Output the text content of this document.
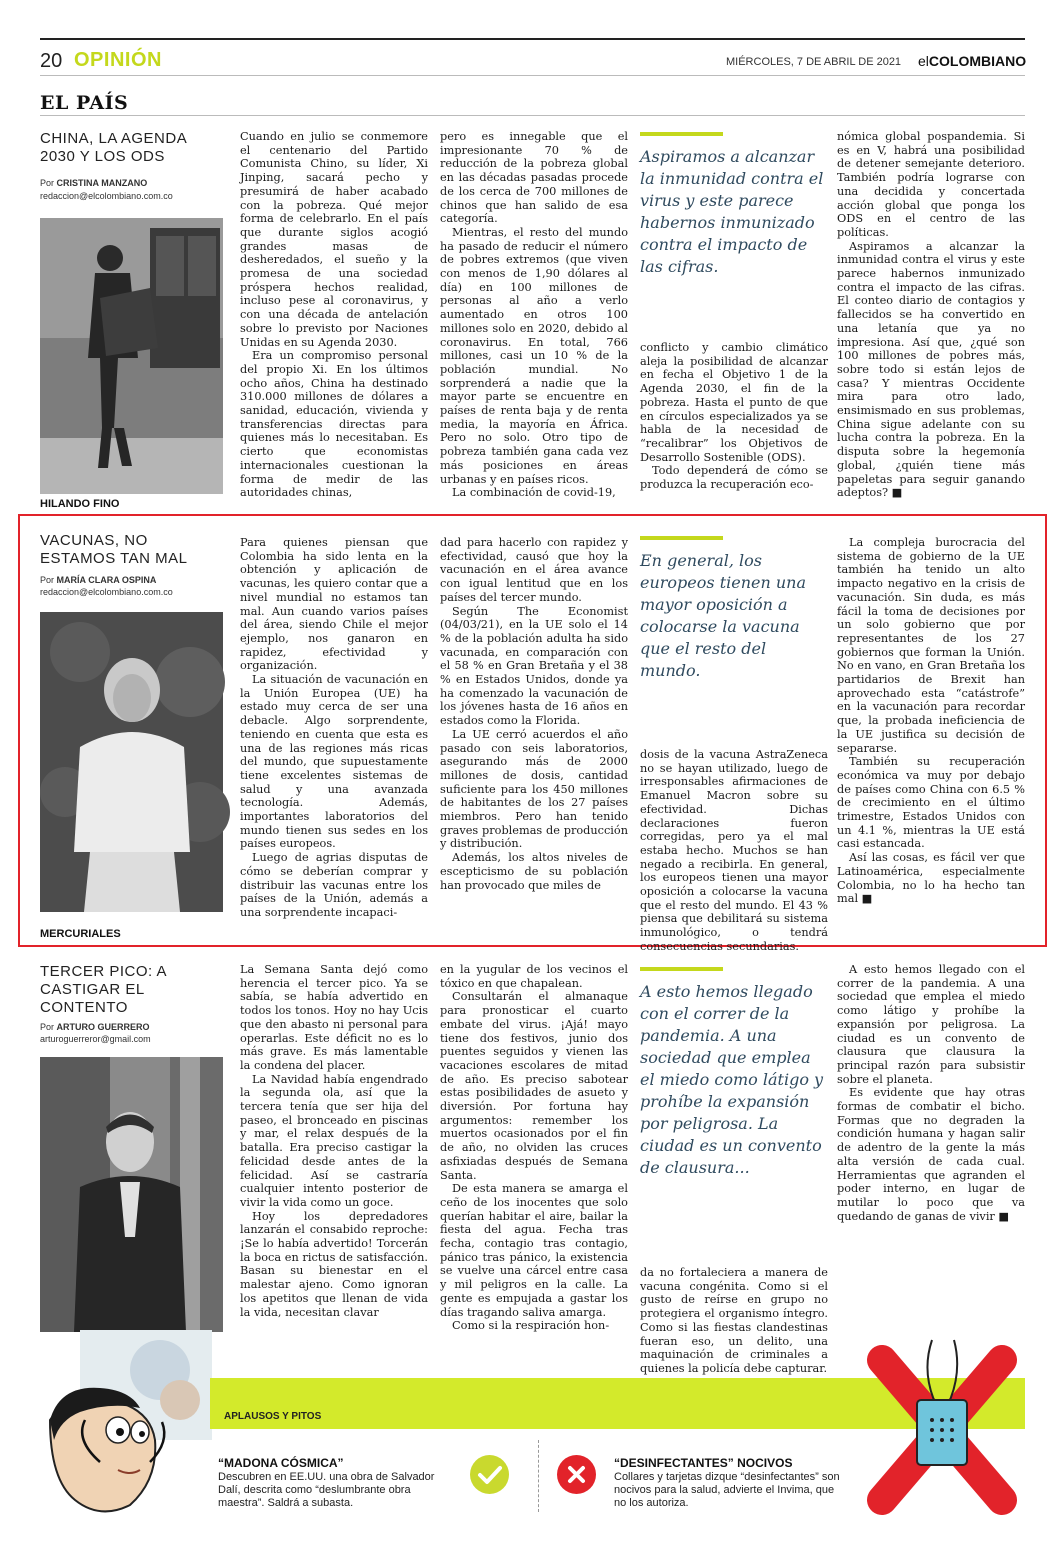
20 OPINIÓN	MIÉRCOLES, 7 DE ABRIL DE 2021 elCOLOMBIANO
EL PAÍS
CHINA, LA AGENDA 2030 Y LOS ODS
Por CRISTINA MANZANO
redaccion@elcolombiano.com.co
HILANDO FINO

Cuando en julio se conmemore el centenario del Partido Comunista Chino, su líder, Xi Jinping, sacará pecho y presumirá de haber acabado con la pobreza. Qué mejor forma de celebrarlo. En el país que durante siglos acogió grandes masas de desheredados, el sueño y la promesa de una sociedad próspera hechos realidad, incluso pese al coronavirus, y con una década de antelación sobre lo previsto por Naciones Unidas en su Agenda 2030.

Era un compromiso personal del propio Xi. En los últimos ocho años, China ha destinado 310.000 millones de dólares a sanidad, educación, vivienda y transferencias directas para quienes más lo necesitaban. Es cierto que economistas internacionales cuestionan la forma de medir de las autoridades chinas,

pero es innegable que el impresionante 70 % de reducción de la pobreza global en las décadas pasadas procede de los cerca de 700 millones de chinos que han salido de esa categoría.

Mientras, el resto del mundo ha pasado de reducir el número de pobres extremos (que viven con menos de 1,90 dólares al día) en 100 millones de personas al año a verlo aumentado en otros 100 millones solo en 2020, debido al coronavirus. En total, 766 millones, casi un 10 % de la población mundial. No sorprenderá a nadie que la mayor parte se encuentre en países de renta baja y de renta media, la mayoría en África. Pero no solo. Otro tipo de pobreza también gana cada vez más posiciones en áreas urbanas y en países ricos.

La combinación de covid-19,

Aspiramos a alcanzar la inmunidad contra el virus y este parece habernos inmunizado contra el impacto de las cifras.

conflicto y cambio climático aleja la posibilidad de alcanzar en fecha el Objetivo 1 de la Agenda 2030, el fin de la pobreza. Hasta el punto de que en círculos especializados ya se habla de la necesidad de “recalibrar” los Objetivos de Desarrollo Sostenible (ODS).

Todo dependerá de cómo se produzca la recuperación eco-

nómica global pospandemia. Si es en V, habrá una posibilidad de detener semejante deterioro. También podría lograrse con una decidida y concertada acción global que ponga los ODS en el centro de las políticas.

Aspiramos a alcanzar la inmunidad contra el virus y este parece habernos inmunizado contra el impacto de las cifras. El conteo diario de contagios y fallecidos se ha convertido en una letanía que ya no impresiona. Así que, ¿qué son 100 millones de pobres más, sobre todo si están lejos de casa? Y mientras Occidente mira para otro lado, ensimismado en sus problemas, China sigue adelante con su lucha contra la pobreza. En la disputa sobre la hegemonía global, ¿quién tiene más papeletas para seguir ganando adeptos? ■

VACUNAS, NO ESTAMOS TAN MAL
Por MARÍA CLARA OSPINA
redaccion@elcolombiano.com.co
MERCURIALES

Para quienes piensan que Colombia ha sido lenta en la obtención y aplicación de vacunas, les quiero contar que a nivel mundial no estamos tan mal. Aun cuando varios países del área, siendo Chile el mejor ejemplo, nos ganaron en rapidez, efectividad y organización.

La situación de vacunación en la Unión Europea (UE) ha estado muy cerca de ser una debacle. Algo sorprendente, teniendo en cuenta que esta es una de las regiones más ricas del mundo, que supuestamente tiene excelentes sistemas de salud y una avanzada tecnología. Además, importantes laboratorios del mundo tienen sus sedes en los países europeos.

Luego de agrias disputas de cómo se deberían comprar y distribuir las vacunas entre los países de la Unión, además a una sorprendente incapaci-

dad para hacerlo con rapidez y efectividad, causó que hoy la vacunación en el área avance con igual lentitud que en los países del tercer mundo.

Según The Economist (04/03/21), en la UE solo el 14 % de la población adulta ha sido vacunada, en comparación con el 58 % en Gran Bretaña y el 38 % en Estados Unidos, donde ya ha comenzado la vacunación de los jóvenes hasta de 16 años en estados como la Florida.

La UE cerró acuerdos el año pasado con seis laboratorios, asegurando más de 2000 millones de dosis, cantidad suficiente para los 450 millones de habitantes de los 27 países miembros. Pero han tenido graves problemas de producción y distribución.

Además, los altos niveles de escepticismo de su población han provocado que miles de

En general, los europeos tienen una mayor oposición a colocarse la vacuna que el resto del mundo.

dosis de la vacuna AstraZeneca no se hayan utilizado, luego de irresponsables afirmaciones de Emanuel Macron sobre su efectividad. Dichas declaraciones fueron corregidas, pero ya el mal estaba hecho. Muchos se han negado a recibirla. En general, los europeos tienen una mayor oposición a colocarse la vacuna que el resto del mundo. El 43 % piensa que debilitará su sistema inmunológico, o tendrá consecuencias secundarias.

La compleja burocracia del sistema de gobierno de la UE también ha tenido un alto impacto negativo en la crisis de vacunación. Sin duda, es más fácil la toma de decisiones por un solo gobierno que por representantes de los 27 gobiernos que forman la Unión. No en vano, en Gran Bretaña los partidarios de Brexit han aprovechado esta “catástrofe” en la vacunación para recordar que, la probada ineficiencia de la UE justifica su decisión de separarse.

También su recuperación económica va muy por debajo de países como China con 6.5 % de crecimiento en el último trimestre, Estados Unidos con un 4.1 %, mientras la UE está casi estancada.

Así las cosas, es fácil ver que Latinoamérica, especialmente Colombia, no lo ha hecho tan mal ■

TERCER PICO: A CASTIGAR EL CONTENTO
Por ARTURO GUERRERO
arturoguerreror@gmail.com

La Semana Santa dejó como herencia el tercer pico. Ya se sabía, se había advertido en todos los tonos. Hoy no hay Ucis que den abasto ni personal para operarlas. Este déficit no es lo más grave. Es más lamentable la condena del placer.

La Navidad había engendrado la segunda ola, así que la tercera tenía que ser hija del paseo, el bronceado en piscinas y mar, el relax después de la batalla. Era preciso castigar la felicidad desde antes de la felicidad. Así se castraría cualquier intento posterior de vivir la vida como un goce.

Hoy los depredadores lanzarán el consabido reproche: ¡Se lo había advertido! Torcerán la boca en rictus de satisfacción. Basan su bienestar en el malestar ajeno. Como ignoran los apetitos que llenan de vida la vida, necesitan clavar

en la yugular de los vecinos el tóxico en que chapalean.

Consultarán el almanaque para pronosticar el cuarto embate del virus. ¡Ajá! mayo tiene dos festivos, junio dos puentes seguidos y vienen las vacaciones escolares de mitad de año. Es preciso sabotear estas posibilidades de asueto y diversión. Por fortuna hay argumentos: remember los muertos ocasionados por el fin de año, no olviden las cruces asfixiadas después de Semana Santa.

De esta manera se amarga el ceño de los inocentes que solo querían habitar el aire, bailar la fiesta del agua. Fecha tras fecha, contagio tras contagio, pánico tras pánico, la existencia se vuelve una cárcel entre casa y mil peligros en la calle. La gente es empujada a gastar los días tragando saliva amarga.

Como si la respiración hon-

A esto hemos llegado con el correr de la pandemia. A una sociedad que emplea el miedo como látigo y prohíbe la expansión por peligrosa. La ciudad es un convento de clausura...

da no fortaleciera a manera de vacuna congénita. Como si el gusto de reírse en grupo no protegiera el organismo íntegro. Como si las fiestas clandestinas fueran eso, un delito, una maquinación de criminales a quienes la policía debe capturar.

A esto hemos llegado con el correr de la pandemia. A una sociedad que emplea el miedo como látigo y prohíbe la expansión por peligrosa. La ciudad es un convento de clausura que clausura la principal razón para subsistir sobre el planeta.

Es evidente que hay otras formas de combatir el bicho. Formas que no degraden la condición humana y hagan salir de adentro de la gente la más alta versión de cada cual. Herramientas que agranden el poder interno, en lugar de mutilar lo poco que va quedando de ganas de vivir ■

APLAUSOS Y PITOS
“MADONA CÓSMICA”
Descubren en EE.UU. una obra de Salvador Dalí, descrita como “deslumbrante obra maestra”. Saldrá a subasta.
“DESINFECTANTES” NOCIVOS
Collares y tarjetas dizque “desinfectantes” son nocivos para la salud, advierte el Invima, que no los autoriza.
